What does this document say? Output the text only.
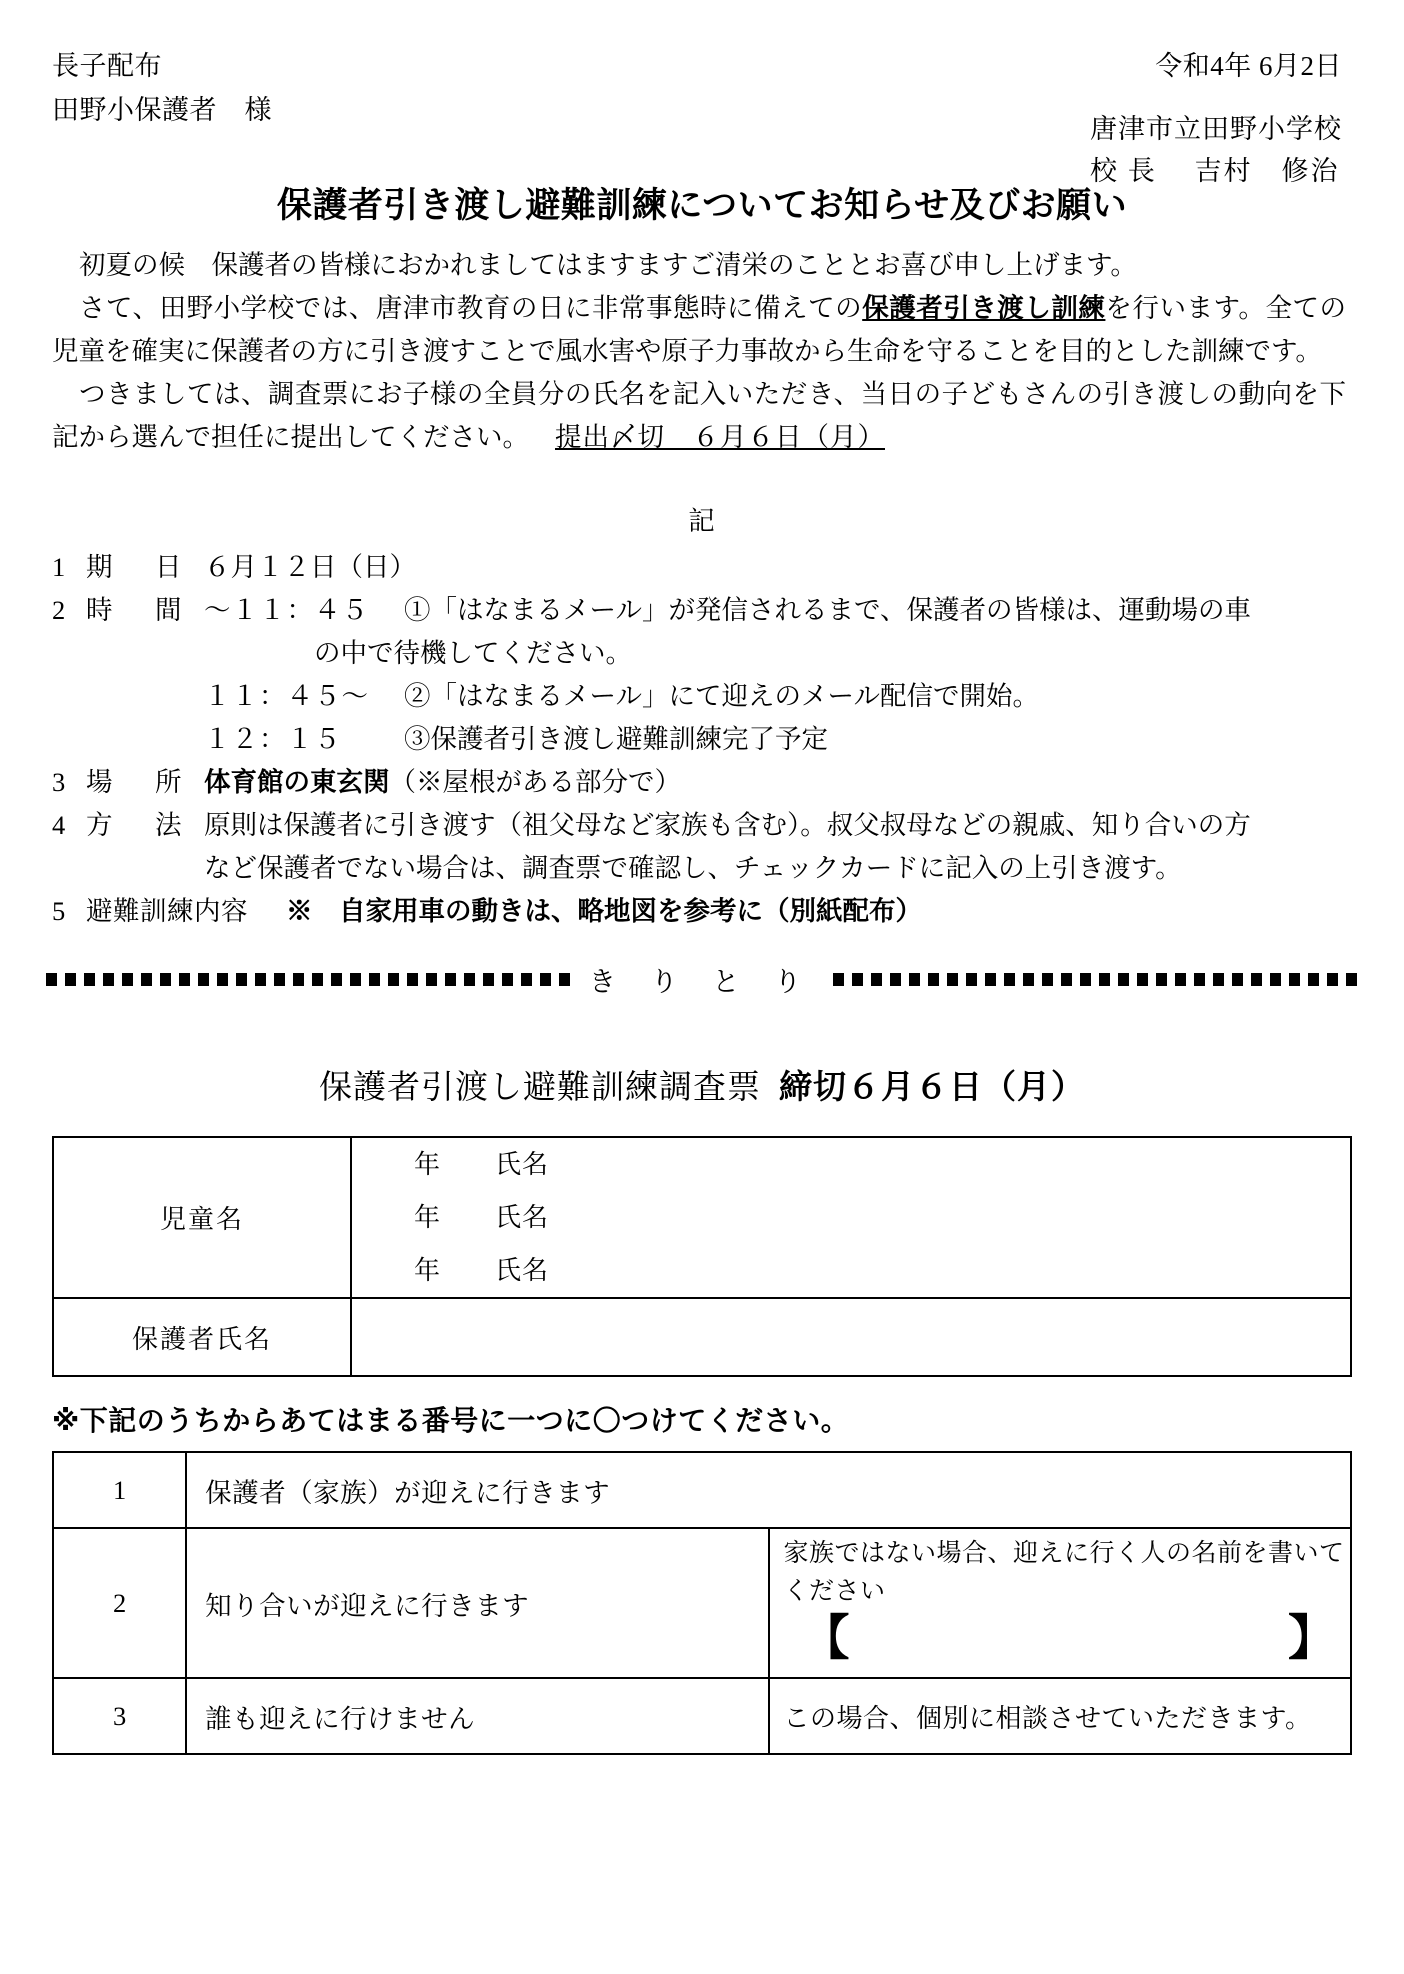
長子配布
田野小保護者　様
令和4年 6月2日
唐津市立田野小学校
校 長　 吉村　修治
保護者引き渡し避難訓練についてお知らせ及びお願い

初夏の候　保護者の皆様におかれましてはますますご清栄のこととお喜び申し上げます。

さて、田野小学校では、唐津市教育の日に非常事態時に備えての保護者引き渡し訓練を行います。全ての児童を確実に保護者の方に引き渡すことで風水害や原子力事故から生命を守ることを目的とした訓練です。

つきましては、調査票にお子様の全員分の氏名を記入いただき、当日の子どもさんの引き渡しの動向を下記から選んで担任に提出してください。 提出〆切　６月６日（月）

記
1 期　日 ６月１２日（日）
2 時　間 ～１１：４５	①「はなまるメール」が発信されるまで、保護者の皆様は、運動場の車
の中で待機してください。
１１：４５～	②「はなまるメール」にて迎えのメール配信で開始。
１２：１５	③保護者引き渡し避難訓練完了予定
3 場　所 体育館の東玄関（※屋根がある部分で）
4 方　法 原則は保護者に引き渡す（祖父母など家族も含む）。叔父叔母などの親戚、知り合いの方
など保護者でない場合は、調査票で確認し、チェックカードに記入の上引き渡す。
5 避難訓練内容	※　自家用車の動きは、略地図を参考に（別紙配布）
き り と り
保護者引渡し避難訓練調査票 締切６月６日（月）
児童名	年 氏名
年 氏名
年 氏名

保護者氏名	
※下記のうちからあてはまる番号に一つに〇つけてください。
1	保護者（家族）が迎えに行きます	
2	知り合いが迎えに行きます	家族ではない場合、迎えに行く人の名前を書いてください
【 】

3	誰も迎えに行けません	この場合、個別に相談させていただきます。
